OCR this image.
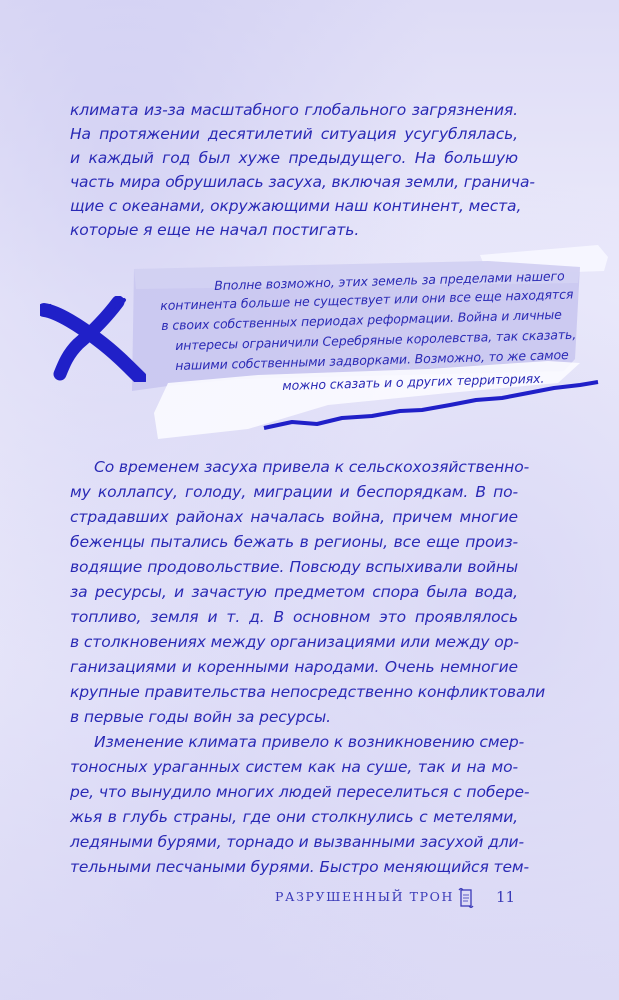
климата из-за масштабного глобального загрязнения.
На протяжении десятилетий ситуация усугублялась,
и каждый год был хуже предыдущего. На большую
часть мира обрушилась засуха, включая земли, гранича-
щие с океанами, окружающими наш континент, места,
которые я еще не начал постигать.
Вполне возможно, этих земель за пределами нашего
континента больше не существует или они все еще находятся
в своих собственных периодах реформации. Война и личные
интересы ограничили Серебряные королевства, так сказать,
нашими собственными задворками. Возможно, то же самое
можно сказать и о других территориях.
Со временем засуха привела к сельскохозяйственно-
му коллапсу, голоду, миграции и беспорядкам. В по-
страдавших районах началась война, причем многие
беженцы пытались бежать в регионы, все еще произ-
водящие продовольствие. Повсюду вспыхивали войны
за ресурсы, и зачастую предметом спора была вода,
топливо, земля и т. д. В основном это проявлялось
в столкновениях между организациями или между ор-
ганизациями и коренными народами. Очень немногие
крупные правительства непосредственно конфликтовали
в первые годы войн за ресурсы.
Изменение климата привело к возникновению смер-
тоносных ураганных систем как на суше, так и на мо-
ре, что вынудило многих людей переселиться с побере-
жья в глубь страны, где они столкнулись с метелями,
ледяными бурями, торнадо и вызванными засухой дли-
тельными песчаными бурями. Быстро меняющийся тем-
РАЗРУШЕННЫЙ ТРОН	11
